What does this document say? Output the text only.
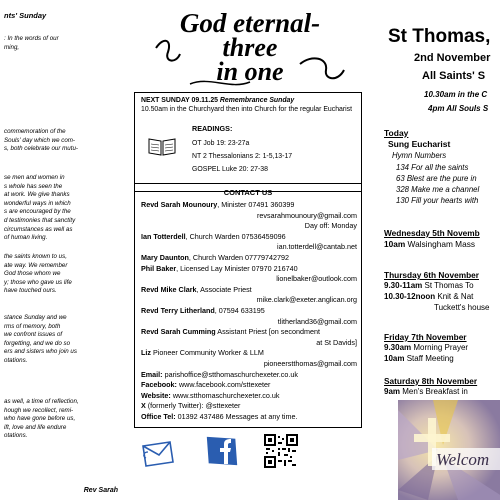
nts' Sunday
: In the words of our
ming,
commemoration of the
Souls' day which we com-
s, both celebrate our mutu-
se men and women in
s whole has seen the
at work. We give thanks
wonderful ways in which
s are encouraged by the
d testimonies that sanctity
circumstances as well as
of human living.
the saints known to us,
ate way. We remember
God those whom we
y; those who gave us life
have touched ours.
stance Sunday and we
rms of memory, both
we confront issues of
forgetting, and we do so
ers and sisters who join us
otations.
as well, a time of reflection,
hough we recollect, remi-
who have gone before us,
ift, love and life endure
otations.
Rev Sarah
God eternal-
three
in one
NEXT SUNDAY 09.11.25 Remembrance Sunday
10.50am in the Churchyard then into Church for the regular Eucharist
READINGS:
OT Job 19: 23-27a
NT 2 Thessalonians 2: 1-5,13-17
GOSPEL Luke 20: 27-38
CONTACT US
Revd Sarah Mounoury, Minister 07491 360399
revsarahmounoury@gmail.com
Day off: Monday
Ian Totterdell, Church Warden 07536459096
ian.totterdell@cantab.net
Mary Daunton, Church Warden 07779742792
Phil Baker, Licensed Lay Minister 07970 216740
lionelbaker@outlook.com
Revd Mike Clark, Associate Priest
mike.clark@exeter.anglican.org
Revd Terry Litherland, 07594 633195
tlitherland36@gmail.com
Revd Sarah Cumming Assistant Priest [on secondment
at St Davids]
Liz Pioneer Community Worker & LLM
pioneerstthomas@gmail.com
Email: parishoffice@stthomaschurchexeter.co.uk
Facebook: www.facebook.com/sttexeter
Website: www.stthomaschurchexeter.co.uk
X (formerly Twitter): @sttexeter
Office Tel: 01392 437486 Messages at any time.
St Thomas,
2nd November
All Saints' S
10.30am in the C
4pm All Souls S
Today
Sung Eucharist
Hymn Numbers
134 For all the saints
63 Blest are the pure in
328 Make me a channel
130 Fill your hearts with
Wednesday 5th Novemb
10am Walsingham Mass
Thursday 6th November
9.30-11am St Thomas To
10.30-12noon Knit & Nat
Tuckett's house
Friday 7th November
9.30am Morning Prayer
10am Staff Meeting
Saturday 8th November
9am Men's Breakfast in
Welcom
